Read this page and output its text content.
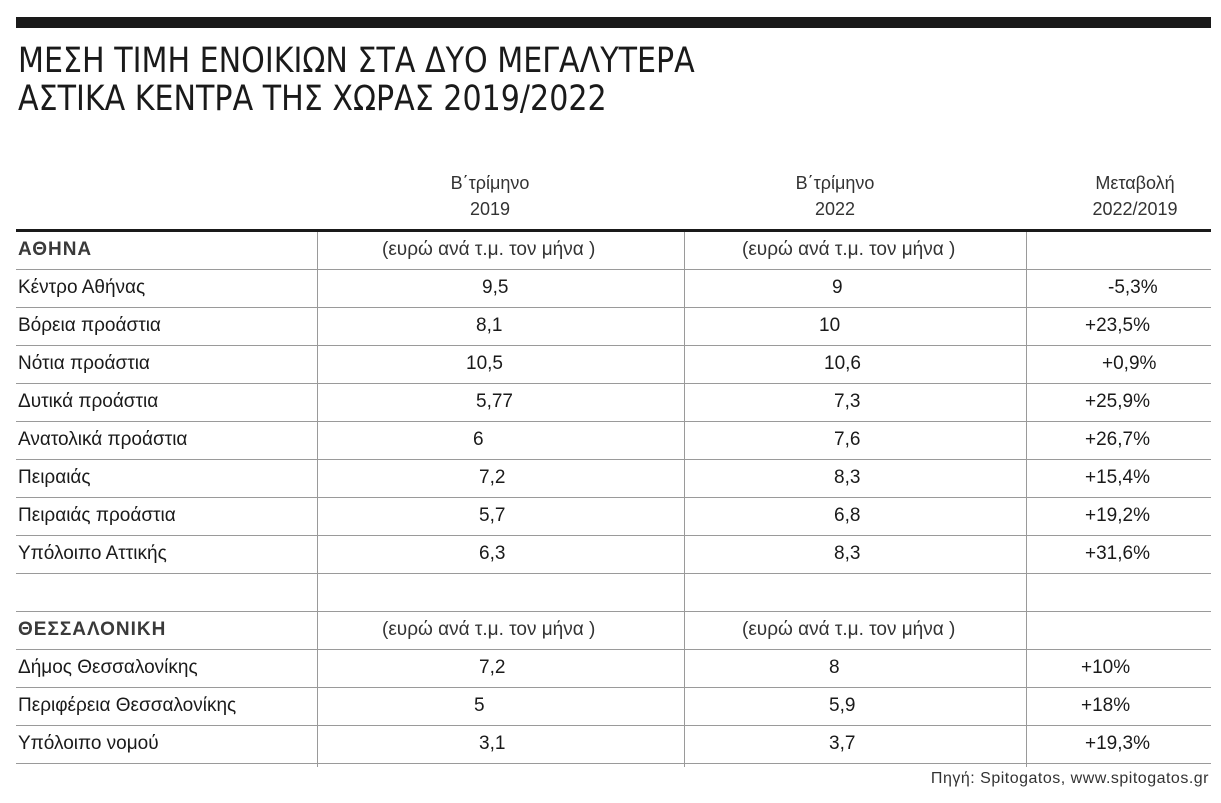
ΜΕΣΗ ΤΙΜΗ ΕΝΟΙΚΙΩΝ ΣΤΑ ΔΥΟ ΜΕΓΑΛΥΤΕΡΑ
ΑΣΤΙΚΑ ΚΕΝΤΡΑ ΤΗΣ ΧΩΡΑΣ 2019/2022
Β΄τρίμηνο
2019
Β΄τρίμηνο
2022
Μεταβολή
2022/2019
ΑΘΗΝΑ	(ευρώ ανά τ.μ. τον μήνα )	(ευρώ ανά τ.μ. τον μήνα )
Κέντρο Αθήνας	9,5	9	-5,3%
Βόρεια προάστια	8,1	10	+23,5%
Νότια προάστια	10,5	10,6	+0,9%
Δυτικά προάστια	5,77	7,3	+25,9%
Ανατολικά προάστια	6	7,6	+26,7%
Πειραιάς	7,2	8,3	+15,4%
Πειραιάς προάστια	5,7	6,8	+19,2%
Υπόλοιπο Αττικής	6,3	8,3	+31,6%
ΘΕΣΣΑΛΟΝΙΚΗ	(ευρώ ανά τ.μ. τον μήνα )	(ευρώ ανά τ.μ. τον μήνα )
Δήμος Θεσσαλονίκης	7,2	8	+10%
Περιφέρεια Θεσσαλονίκης	5	5,9	+18%
Υπόλοιπο νομού	3,1	3,7	+19,3%
Πηγή: Spitogatos, www.spitogatos.gr
